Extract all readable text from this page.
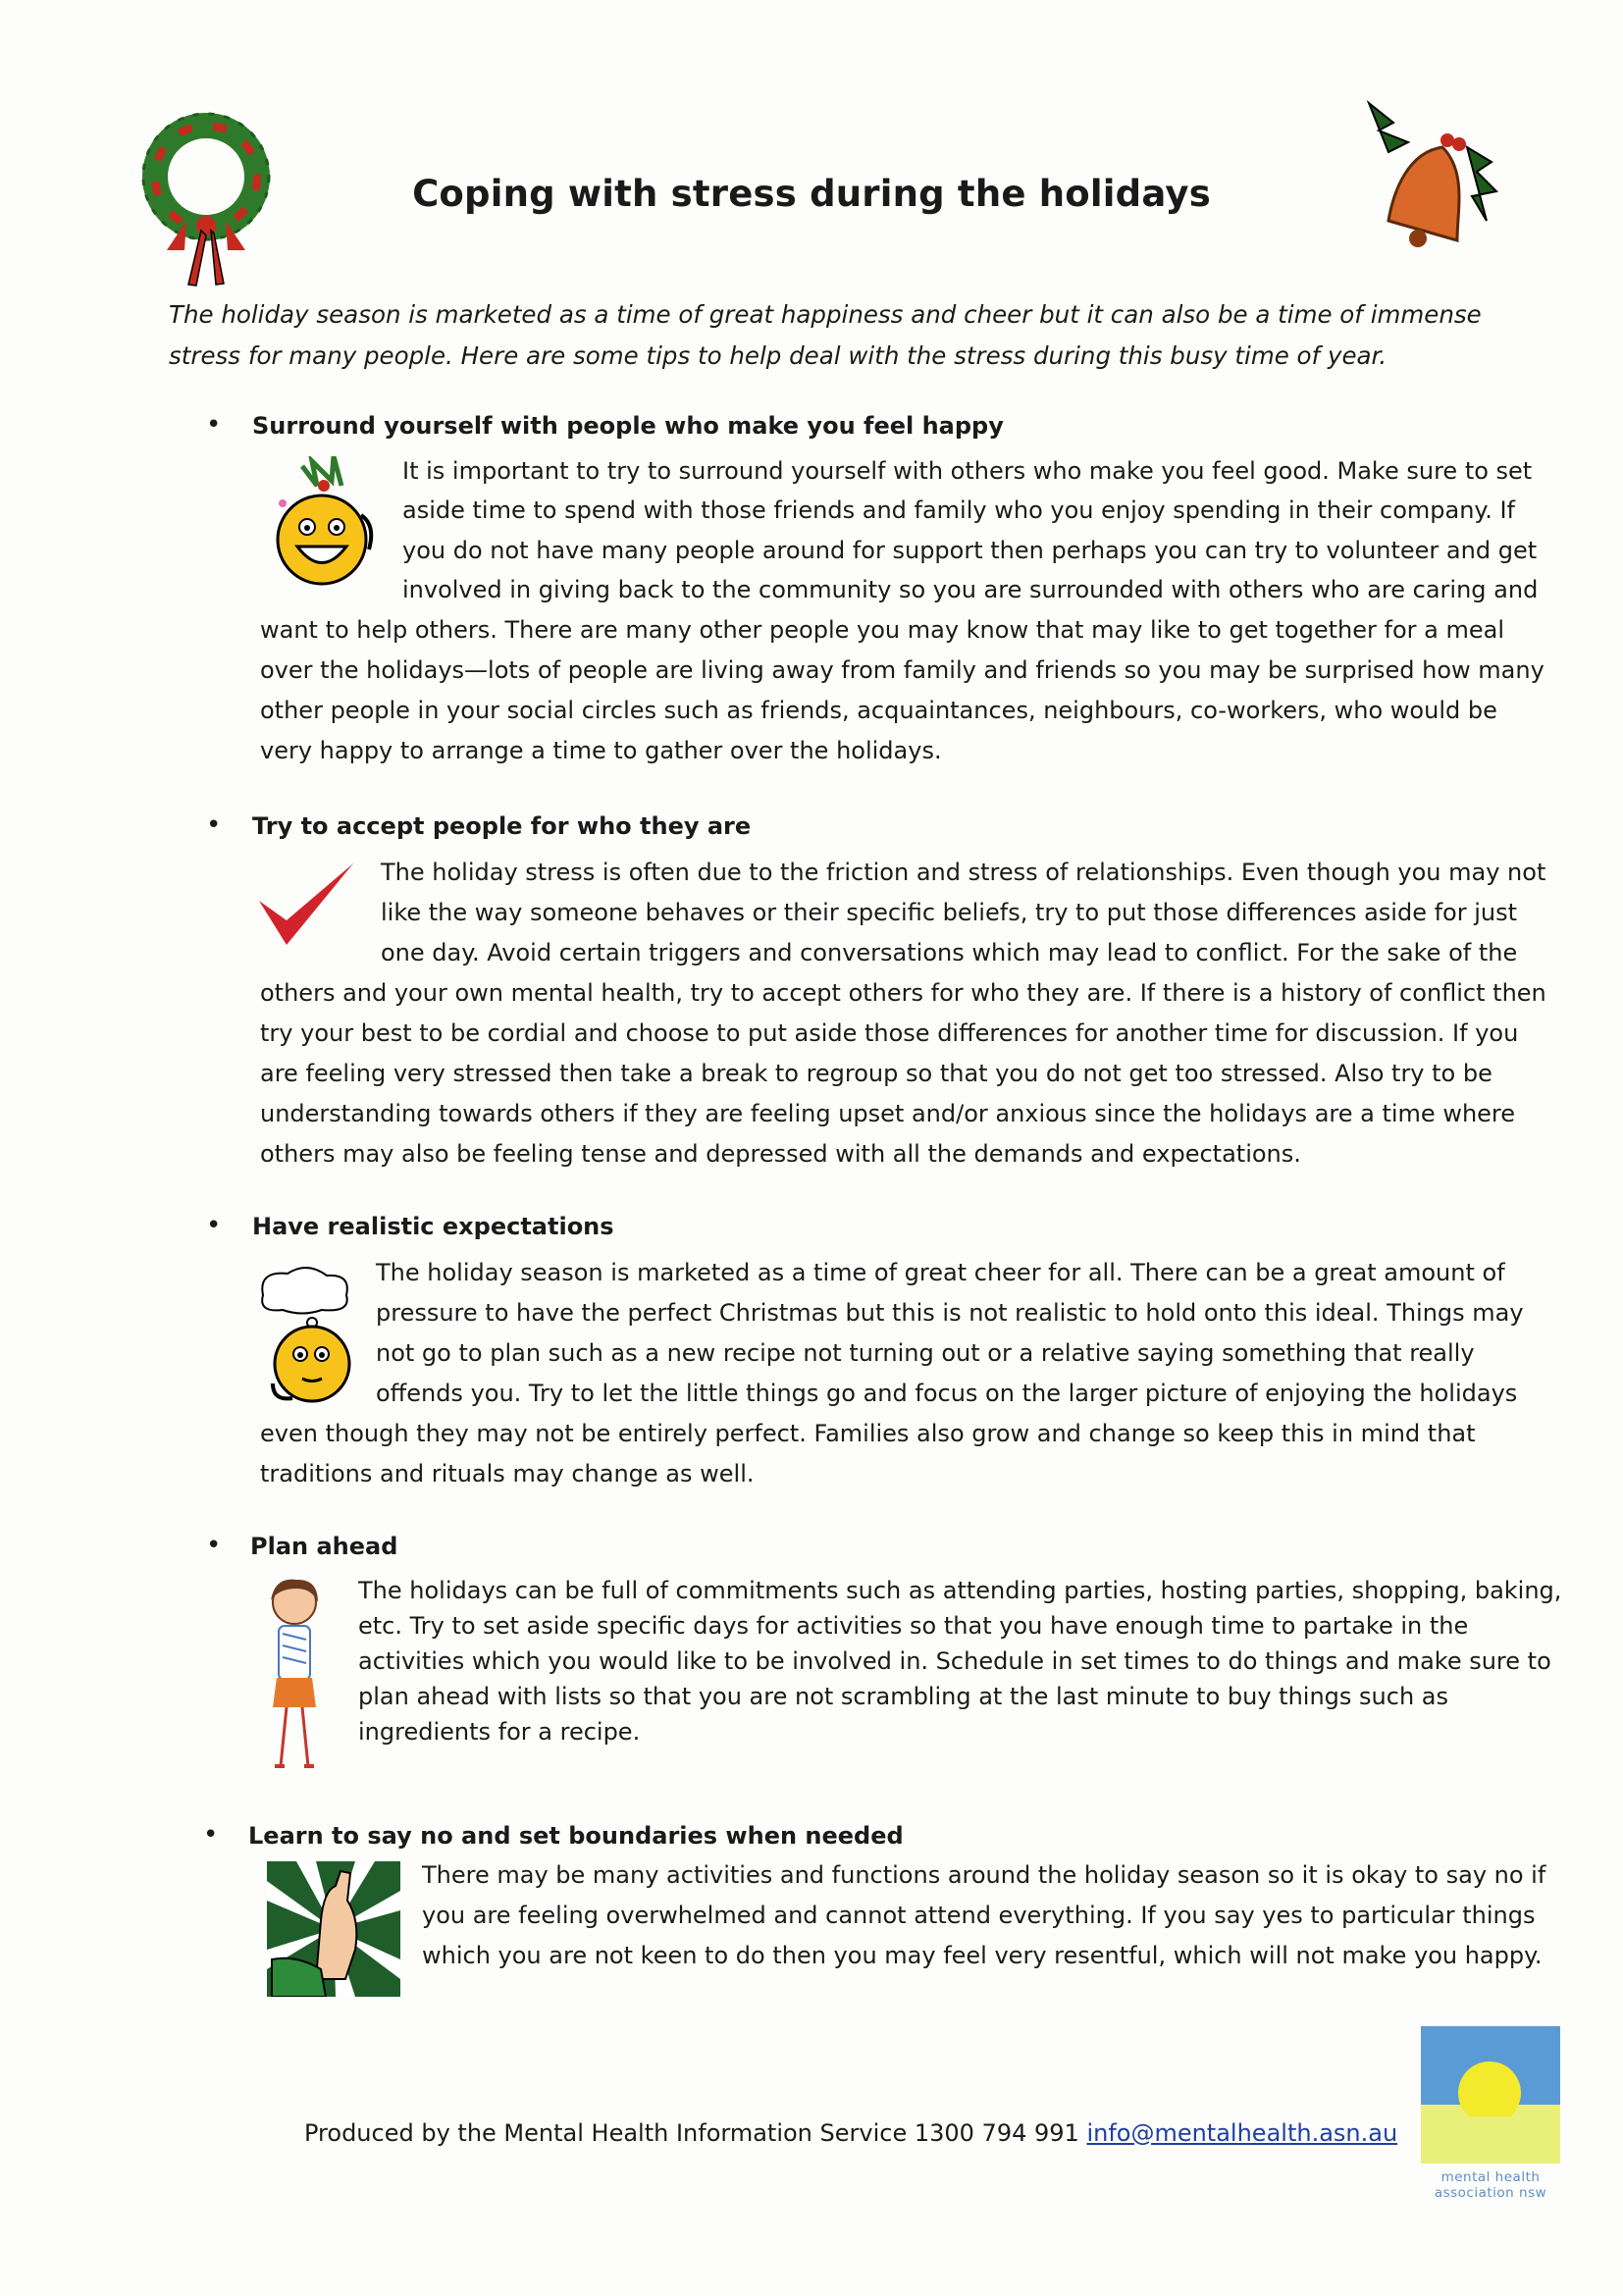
Coping with stress during the holidays
The holiday season is marketed as a time of great happiness and cheer but it can also be a time of immense
stress for many people. Here are some tips to help deal with the stress during this busy time of year.
• Surround yourself with people who make you feel happy
It is important to try to surround yourself with others who make you feel good. Make sure to set
aside time to spend with those friends and family who you enjoy spending in their company. If
you do not have many people around for support then perhaps you can try to volunteer and get
involved in giving back to the community so you are surrounded with others who are caring and
want to help others. There are many other people you may know that may like to get together for a meal
over the holidays—lots of people are living away from family and friends so you may be surprised how many
other people in your social circles such as friends, acquaintances, neighbours, co-workers, who would be
very happy to arrange a time to gather over the holidays.
• Try to accept people for who they are
The holiday stress is often due to the friction and stress of relationships. Even though you may not
like the way someone behaves or their specific beliefs, try to put those differences aside for just
one day. Avoid certain triggers and conversations which may lead to conflict. For the sake of the
others and your own mental health, try to accept others for who they are. If there is a history of conflict then
try your best to be cordial and choose to put aside those differences for another time for discussion. If you
are feeling very stressed then take a break to regroup so that you do not get too stressed. Also try to be
understanding towards others if they are feeling upset and/or anxious since the holidays are a time where
others may also be feeling tense and depressed with all the demands and expectations.
• Have realistic expectations
The holiday season is marketed as a time of great cheer for all. There can be a great amount of
pressure to have the perfect Christmas but this is not realistic to hold onto this ideal. Things may
not go to plan such as a new recipe not turning out or a relative saying something that really
offends you. Try to let the little things go and focus on the larger picture of enjoying the holidays
even though they may not be entirely perfect. Families also grow and change so keep this in mind that
traditions and rituals may change as well.
• Plan ahead
The holidays can be full of commitments such as attending parties, hosting parties, shopping, baking,
etc. Try to set aside specific days for activities so that you have enough time to partake in the
activities which you would like to be involved in. Schedule in set times to do things and make sure to
plan ahead with lists so that you are not scrambling at the last minute to buy things such as
ingredients for a recipe.
• Learn to say no and set boundaries when needed
There may be many activities and functions around the holiday season so it is okay to say no if
you are feeling overwhelmed and cannot attend everything. If you say yes to particular things
which you are not keen to do then you may feel very resentful, which will not make you happy.
Produced by the Mental Health Information Service 1300 794 991 info@mentalhealth.asn.au
mental health
association nsw
